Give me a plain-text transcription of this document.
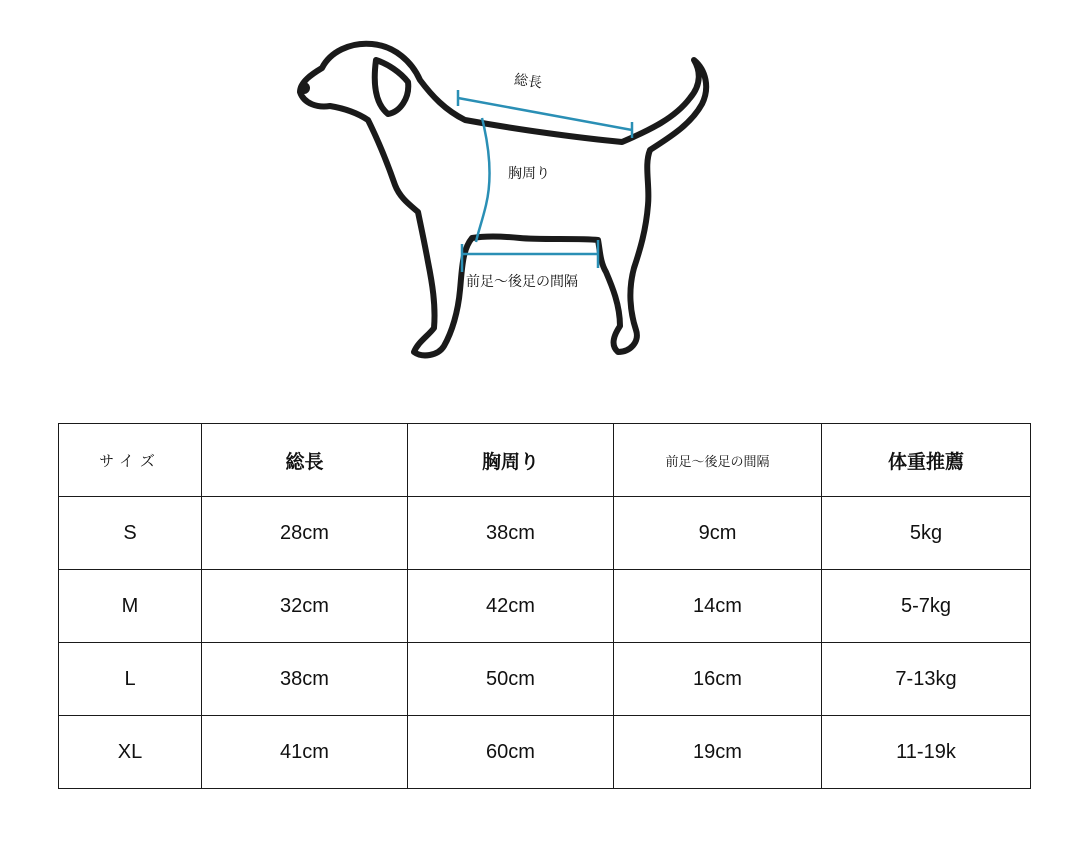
総長
胸周り
前足～後足の間隔
サイズ	総長	胸周り	前足～後足の間隔	体重推薦
S	28cm	38cm	9cm	5kg
M	32cm	42cm	14cm	5-7kg
L	38cm	50cm	16cm	7-13kg
XL	41cm	60cm	19cm	11-19k
